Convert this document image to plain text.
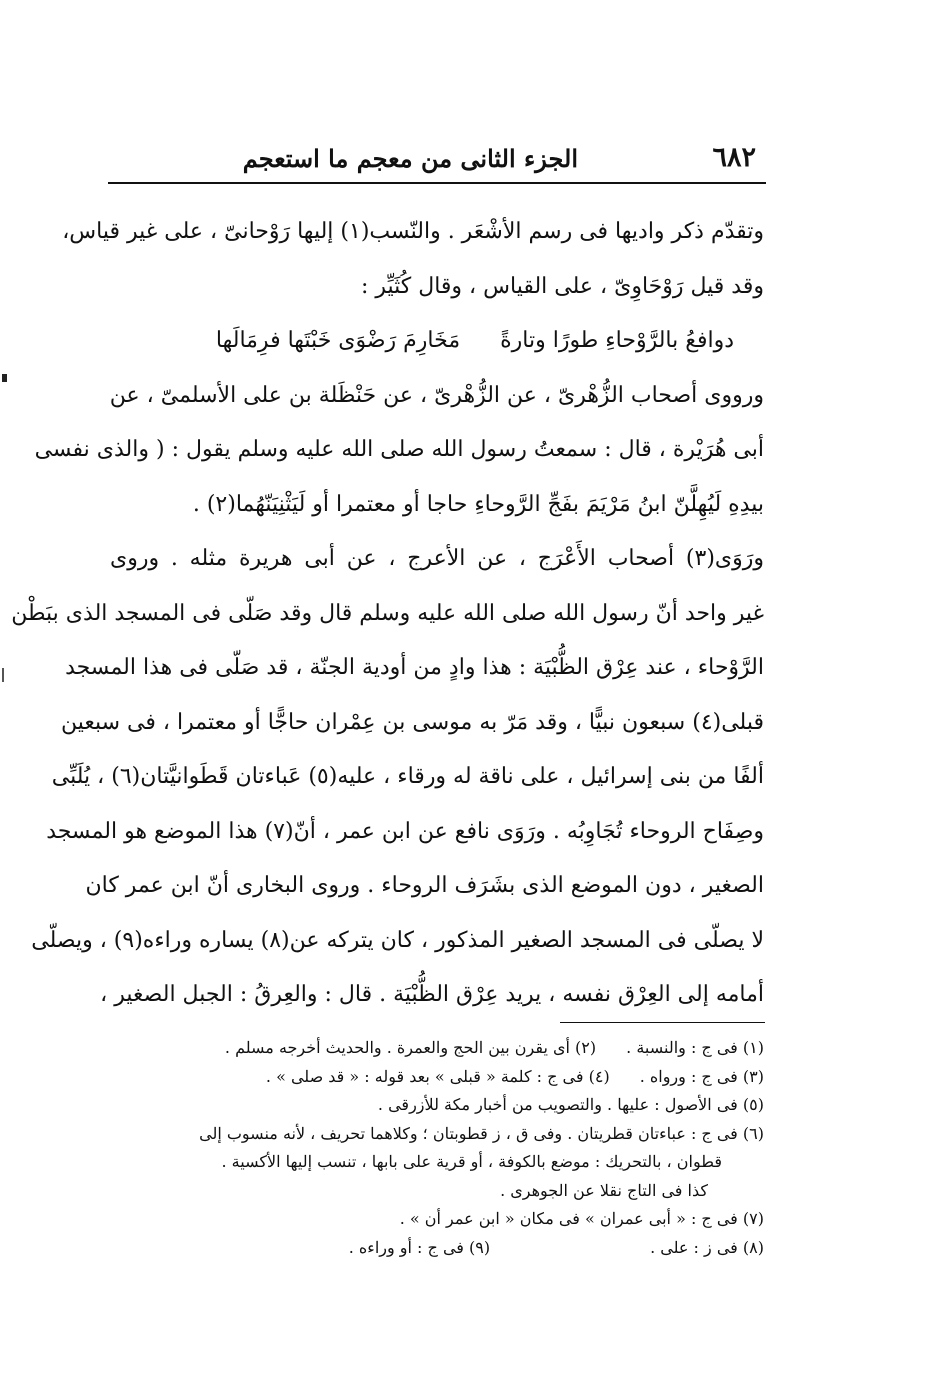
٦٨٢
الجزء الثانى من معجم ما استعجم
وتقدّم ذكر واديها فى رسم الأشْعَر . والنّسب(١) إليها رَوْحانىّ ، على غير قياس،
وقد قيل رَوْحَاوِىّ ، على القياس ، وقال كُثَيِّر :
دوافعُ بالرَّوْحاءِ طورًا وتارةًمَخَارِمَ رَضْوَى خَبْتَها فرِمَالَها
ورووى أصحاب الزُّهْرىّ ، عن الزُّهْرىّ ، عن حَنْظَلة بن على الأسلمىّ ، عن
أبى هُرَيْرة ، قال : سمعتُ رسول الله صلى الله عليه وسلم يقول : ( والذى نفسى
بيدِهِ لَيُهِلَّنّ ابنُ مَرْيَمَ بفَجِّ الرَّوحاءِ حاجا أو معتمرا أو لَيَثْنِيَنّهُما(٢) .
ورَوَى(٣) أصحاب الأَعْرَج ، عن الأعرج ، عن أبى هريرة مثله . وروى
غير واحد أنّ رسول الله صلى الله عليه وسلم قال وقد صَلّى فى المسجد الذى ببَطْن
الرَّوْحاء ، عند عِرْق الظُّبْيَة : هذا وادٍ من أودية الجنّة ، قد صَلّى فى هذا المسجد
قبلى(٤) سبعون نبيًّا ، وقد مَرّ به موسى بن عِمْران حاجًّا أو معتمرا ، فى سبعين
ألفًا من بنى إسرائيل ، على ناقة له ورقاء ، عليه(٥) عَباءتان قَطَوانيَّتان(٦) ، يُلَبِّى
وصِفَاح الروحاء تُجَاوِبُه . ورَوَى نافع عن ابن عمر ، أنّ(٧) هذا الموضع هو المسجد
الصغير ، دون الموضع الذى بشَرَف الروحاء . وروى البخارى أنّ ابن عمر كان
لا يصلّى فى المسجد الصغير المذكور ، كان يتركه عن(٨) يساره وراءه(٩) ، ويصلّى
أمامه إلى العِرْق نفسه ، يريد عِرْق الظُّبْيَة . قال : والعِرقُ : الجبل الصغير ،
(١) فى ج : والنسبة .(٢) أى يقرن بين الحج والعمرة . والحديث أخرجه مسلم .
(٣) فى ج : ورواه .(٤) فى ج : كلمة « قبلى » بعد قوله : « قد صلى » .
(٥) فى الأصول : عليها . والتصويب من أخبار مكة للأزرقى .
(٦) فى ج : عباءتان قطريتان . وفى ق ، ز قطوبتان ؛ وكلاهما تحريف ، لأنه منسوب إلى
قطوان ، بالتحريك : موضع بالكوفة ، أو قرية على بابها ، تنسب إليها الأكسية .
كذا فى التاج نقلا عن الجوهرى .
(٧) فى ج : « أبى عمران » فى مكان « ابن عمر أن » .
(٨) فى ز : على .(٩) فى ج : أو وراءه .
